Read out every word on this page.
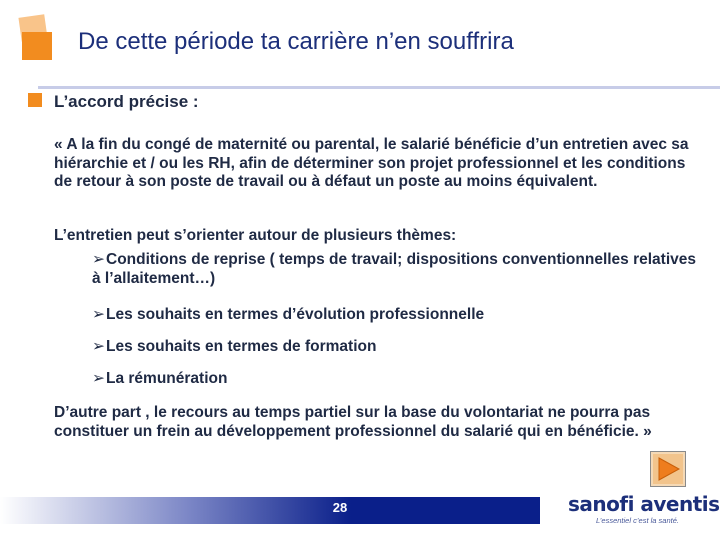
De cette période ta carrière n’en souffrira
L’accord précise :
« A la fin du congé de maternité ou parental, le salarié bénéficie d’un entretien avec sa hiérarchie et / ou les RH, afin de déterminer son projet professionnel et les conditions de retour à son poste de travail ou à défaut un poste au moins équivalent.
L’entretien peut s’orienter autour de plusieurs thèmes:
➢Conditions de reprise ( temps de travail; dispositions conventionnelles relatives à l’allaitement…)
➢Les souhaits en termes d’évolution professionnelle
➢Les souhaits en termes de formation
➢La rémunération
D’autre part , le recours au temps partiel sur la base du volontariat ne pourra pas constituer un frein au développement professionnel du salarié qui en bénéficie. »
28	sanofi aventis
L’essentiel c’est la santé.
